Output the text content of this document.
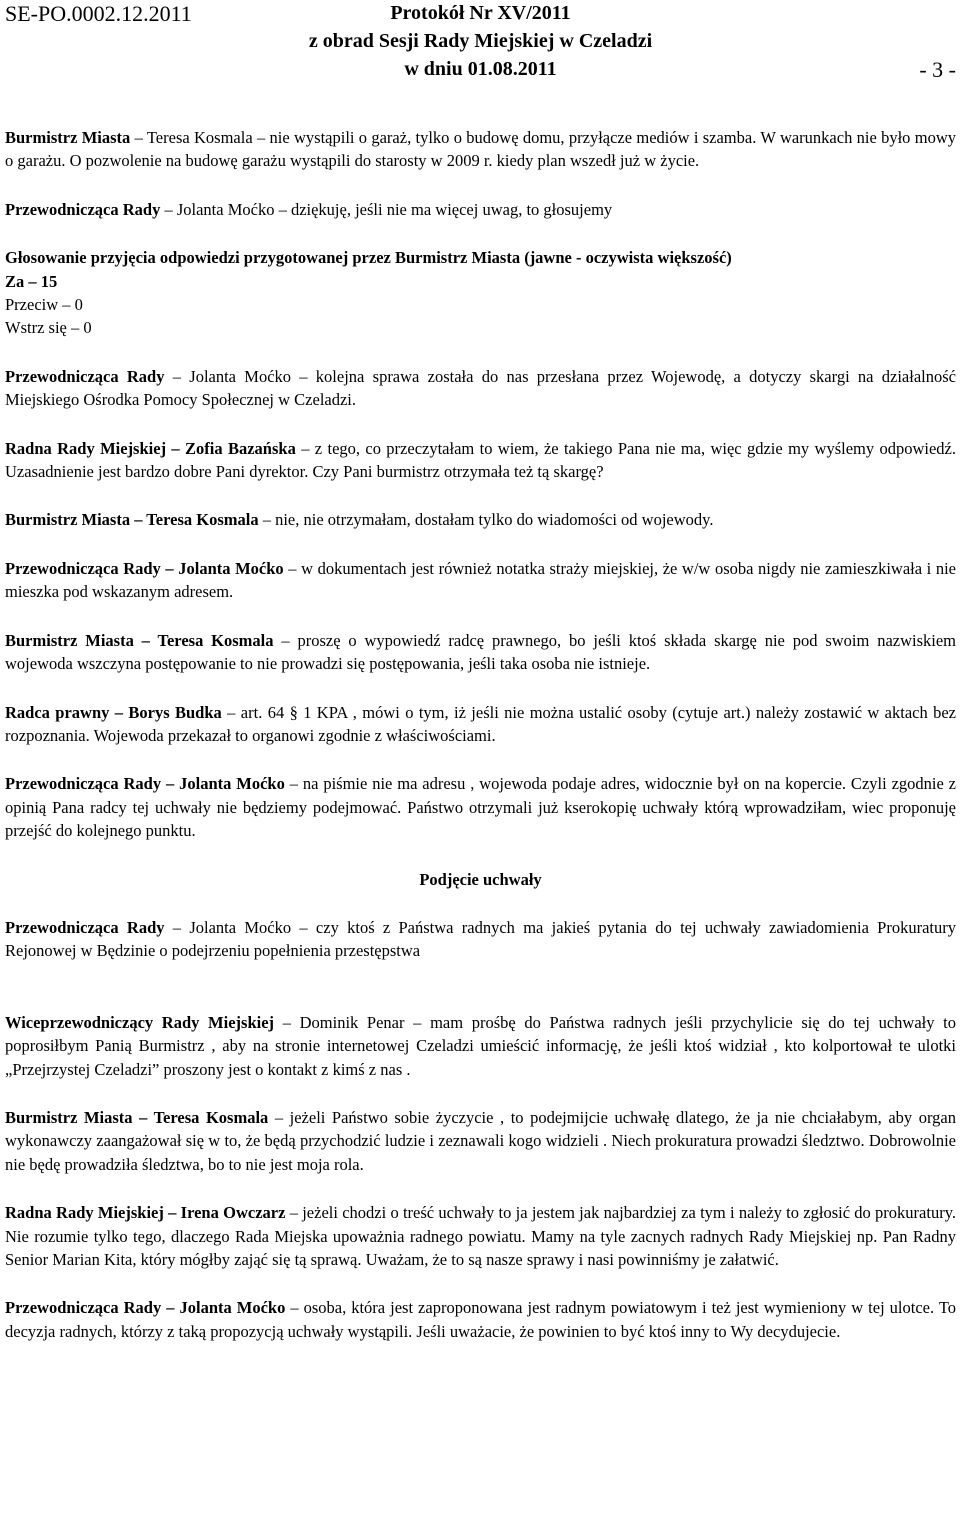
SE-PO.0002.12.2011	Protokół Nr XV/2011
z obrad Sesji Rady Miejskiej w Czeladzi
w dniu 01.08.2011	- 3 -

Burmistrz Miasta – Teresa Kosmala – nie wystąpili o garaż, tylko o budowę domu, przyłącze mediów i szamba. W warunkach nie było mowy o garażu. O pozwolenie na budowę garażu wystąpili do starosty w 2009 r. kiedy plan wszedł już w życie.

Przewodnicząca Rady – Jolanta Moćko – dziękuję, jeśli nie ma więcej uwag, to głosujemy

Głosowanie przyjęcia odpowiedzi przygotowanej przez Burmistrz Miasta (jawne - oczywista większość)

Za – 15

Przeciw – 0

Wstrz się – 0

Przewodnicząca Rady – Jolanta Moćko – kolejna sprawa została do nas przesłana przez Wojewodę, a dotyczy skargi na działalność Miejskiego Ośrodka Pomocy Społecznej w Czeladzi.

Radna Rady Miejskiej – Zofia Bazańska – z tego, co przeczytałam to wiem, że takiego Pana nie ma, więc gdzie my wyślemy odpowiedź. Uzasadnienie jest bardzo dobre Pani dyrektor. Czy Pani burmistrz otrzymała też tą skargę?

Burmistrz Miasta – Teresa Kosmala – nie, nie otrzymałam, dostałam tylko do wiadomości od wojewody.

Przewodnicząca Rady – Jolanta Moćko – w dokumentach jest również notatka straży miejskiej, że w/w osoba nigdy nie zamieszkiwała i nie mieszka pod wskazanym adresem.

Burmistrz Miasta – Teresa Kosmala – proszę o wypowiedź radcę prawnego, bo jeśli ktoś składa skargę nie pod swoim nazwiskiem wojewoda wszczyna postępowanie to nie prowadzi się postępowania, jeśli taka osoba nie istnieje.

Radca prawny – Borys Budka – art. 64 § 1 KPA , mówi o tym, iż jeśli nie można ustalić osoby (cytuje art.) należy zostawić w aktach bez rozpoznania. Wojewoda przekazał to organowi zgodnie z właściwościami.

Przewodnicząca Rady – Jolanta Moćko – na piśmie nie ma adresu , wojewoda podaje adres, widocznie był on na kopercie. Czyli zgodnie z opinią Pana radcy tej uchwały nie będziemy podejmować. Państwo otrzymali już kserokopię uchwały którą wprowadziłam, wiec proponuję przejść do kolejnego punktu.

Podjęcie uchwały

Przewodnicząca Rady – Jolanta Moćko – czy ktoś z Państwa radnych ma jakieś pytania do tej uchwały zawiadomienia Prokuratury Rejonowej w Będzinie o podejrzeniu popełnienia przestępstwa

Wiceprzewodniczący Rady Miejskiej – Dominik Penar – mam prośbę do Państwa radnych jeśli przychylicie się do tej uchwały to poprosiłbym Panią Burmistrz , aby na stronie internetowej Czeladzi umieścić informację, że jeśli ktoś widział , kto kolportował te ulotki „Przejrzystej Czeladzi” proszony jest o kontakt z kimś z nas .

Burmistrz Miasta – Teresa Kosmala – jeżeli Państwo sobie życzycie , to podejmijcie uchwałę dlatego, że ja nie chciałabym, aby organ wykonawczy zaangażował się w to, że będą przychodzić ludzie i zeznawali kogo widzieli . Niech prokuratura prowadzi śledztwo. Dobrowolnie nie będę prowadziła śledztwa, bo to nie jest moja rola.

Radna Rady Miejskiej – Irena Owczarz – jeżeli chodzi o treść uchwały to ja jestem jak najbardziej za tym i należy to zgłosić do prokuratury. Nie rozumie tylko tego, dlaczego Rada Miejska upoważnia radnego powiatu. Mamy na tyle zacnych radnych Rady Miejskiej np. Pan Radny Senior Marian Kita, który mógłby zająć się tą sprawą. Uważam, że to są nasze sprawy i nasi powinniśmy je załatwić.

Przewodnicząca Rady – Jolanta Moćko – osoba, która jest zaproponowana jest radnym powiatowym i też jest wymieniony w tej ulotce. To decyzja radnych, którzy z taką propozycją uchwały wystąpili. Jeśli uważacie, że powinien to być ktoś inny to Wy decydujecie.
